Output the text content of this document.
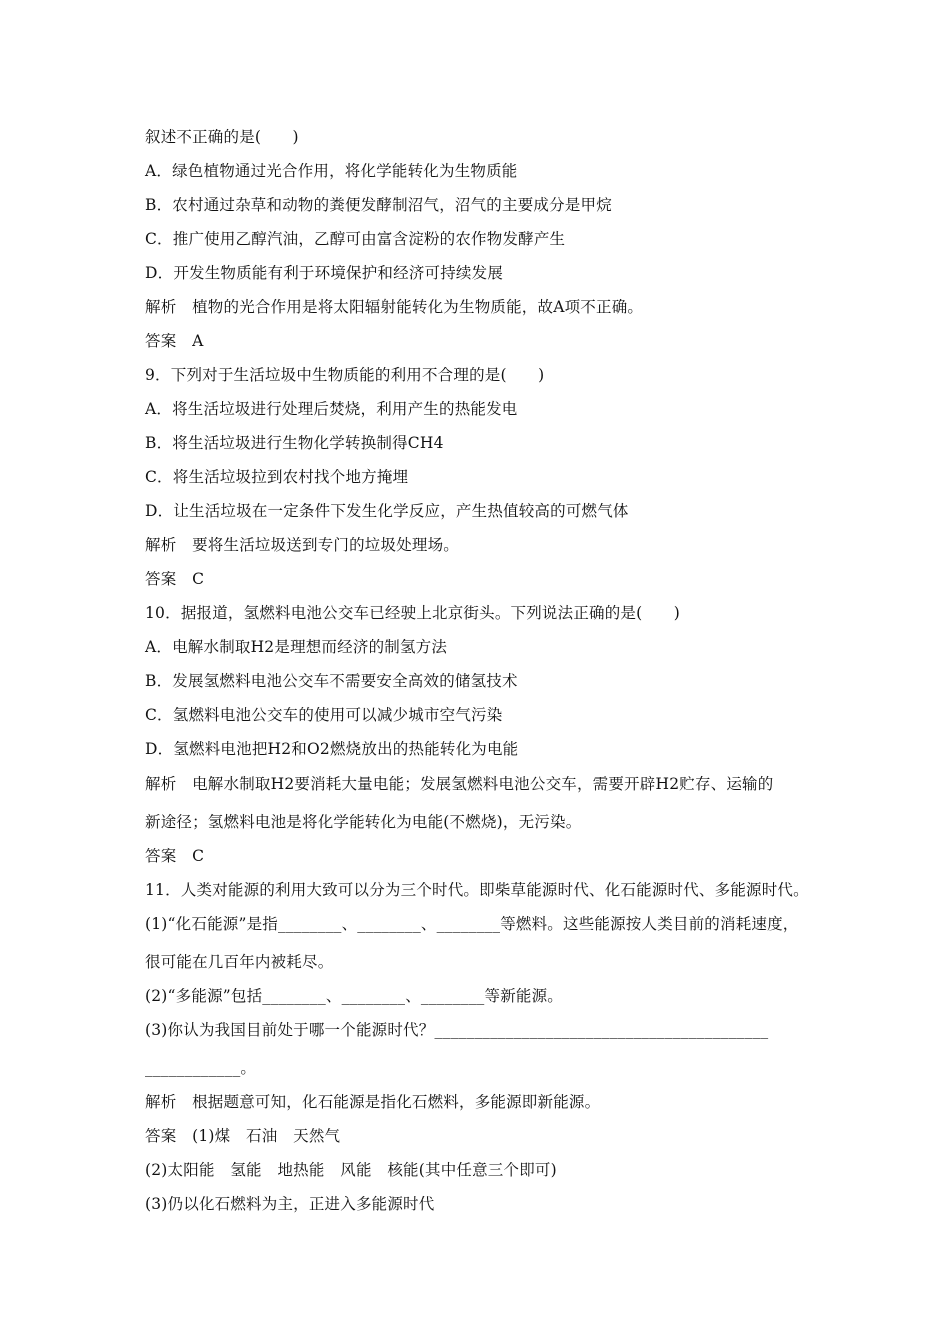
叙述不正确的是(　　)
A．绿色植物通过光合作用，将化学能转化为生物质能
B．农村通过杂草和动物的粪便发酵制沼气，沼气的主要成分是甲烷
C．推广使用乙醇汽油，乙醇可由富含淀粉的农作物发酵产生
D．开发生物质能有利于环境保护和经济可持续发展
解析　植物的光合作用是将太阳辐射能转化为生物质能，故A项不正确。
答案　A
9．下列对于生活垃圾中生物质能的利用不合理的是(　　)
A．将生活垃圾进行处理后焚烧，利用产生的热能发电
B．将生活垃圾进行生物化学转换制得CH4
C．将生活垃圾拉到农村找个地方掩埋
D．让生活垃圾在一定条件下发生化学反应，产生热值较高的可燃气体
解析　要将生活垃圾送到专门的垃圾处理场。
答案　C
10．据报道，氢燃料电池公交车已经驶上北京街头。下列说法正确的是(　　)
A．电解水制取H2是理想而经济的制氢方法
B．发展氢燃料电池公交车不需要安全高效的储氢技术
C．氢燃料电池公交车的使用可以减少城市空气污染
D．氢燃料电池把H2和O2燃烧放出的热能转化为电能
解析　电解水制取H2要消耗大量电能；发展氢燃料电池公交车，需要开辟H2贮存、运输的
新途径；氢燃料电池是将化学能转化为电能(不燃烧)，无污染。
答案　C
11．人类对能源的利用大致可以分为三个时代。即柴草能源时代、化石能源时代、多能源时代。
(1)“化石能源”是指________、________、________等燃料。这些能源按人类目前的消耗速度，
很可能在几百年内被耗尽。
(2)“多能源”包括________、________、________等新能源。
(3)你认为我国目前处于哪一个能源时代？__________________________________________
____________。
解析　根据题意可知，化石能源是指化石燃料，多能源即新能源。
答案　(1)煤　石油　天然气
(2)太阳能　氢能　地热能　风能　核能(其中任意三个即可)
(3)仍以化石燃料为主，正进入多能源时代
